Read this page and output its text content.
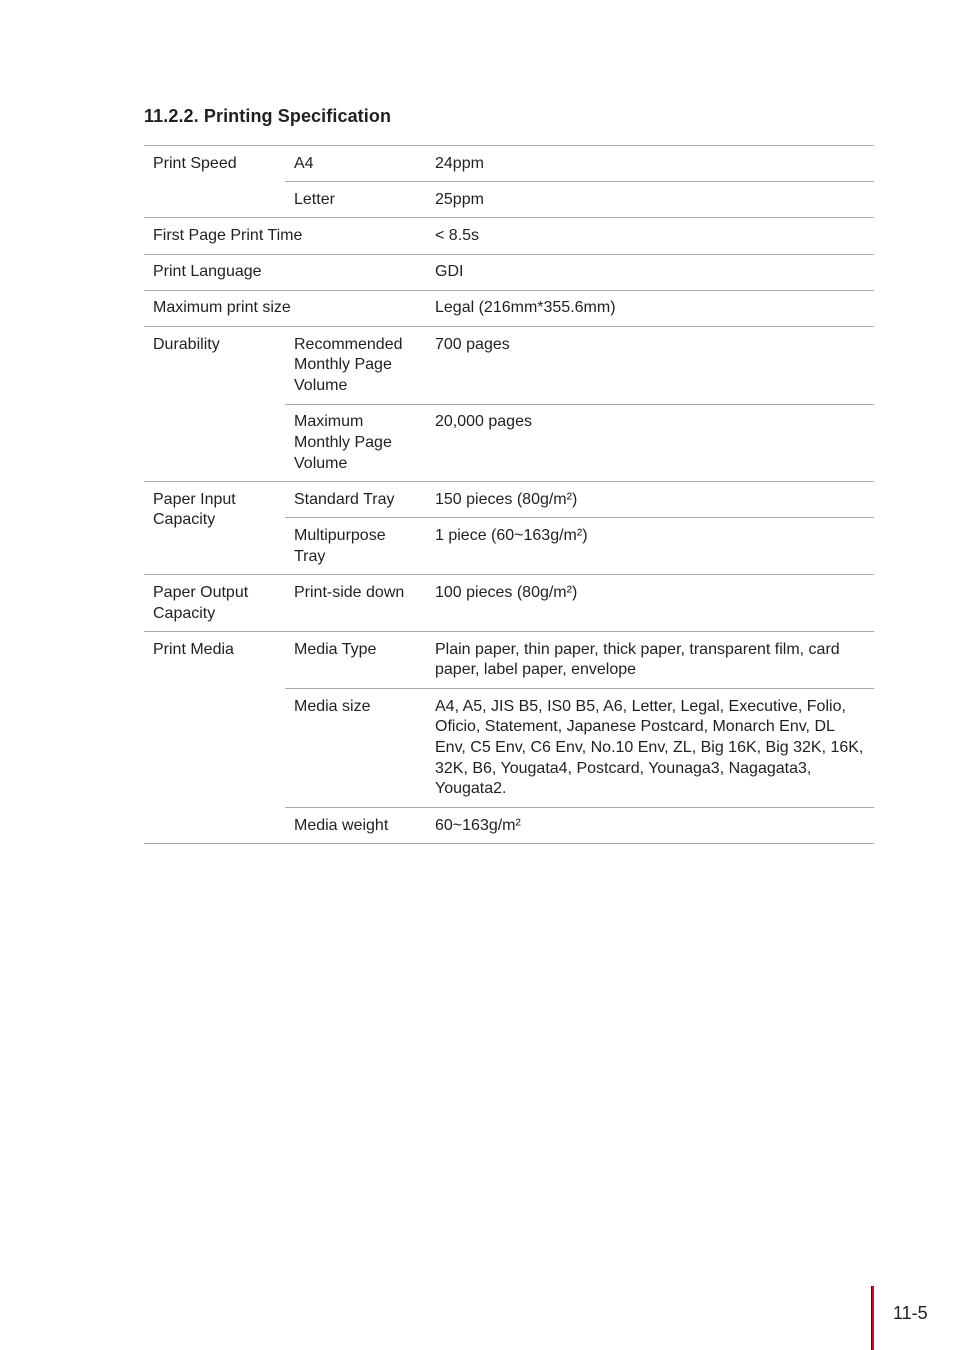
11.2.2. Printing Specification
Print Speed	A4	24ppm
	Letter	25ppm
First Page Print Time		< 8.5s
Print Language		GDI
Maximum print size		Legal (216mm*355.6mm)
Durability	Recommended Monthly Page Volume	700 pages
	Maximum Monthly Page Volume	20,000 pages
Paper Input Capacity	Standard Tray	150 pieces (80g/m²)
	Multipurpose Tray	1 piece (60~163g/m²)
Paper Output Capacity	Print-side down	100 pieces (80g/m²)
Print Media	Media Type	Plain paper, thin paper, thick paper, transparent film, card paper, label paper, envelope
	Media size	A4, A5, JIS B5, IS0 B5, A6, Letter, Legal, Executive, Folio, Oficio, Statement, Japanese Postcard, Monarch Env, DL Env, C5 Env, C6 Env, No.10 Env, ZL, Big 16K, Big 32K, 16K, 32K, B6, Yougata4, Postcard, Younaga3, Nagagata3, Yougata2.
	Media weight	60~163g/m²
11-5
